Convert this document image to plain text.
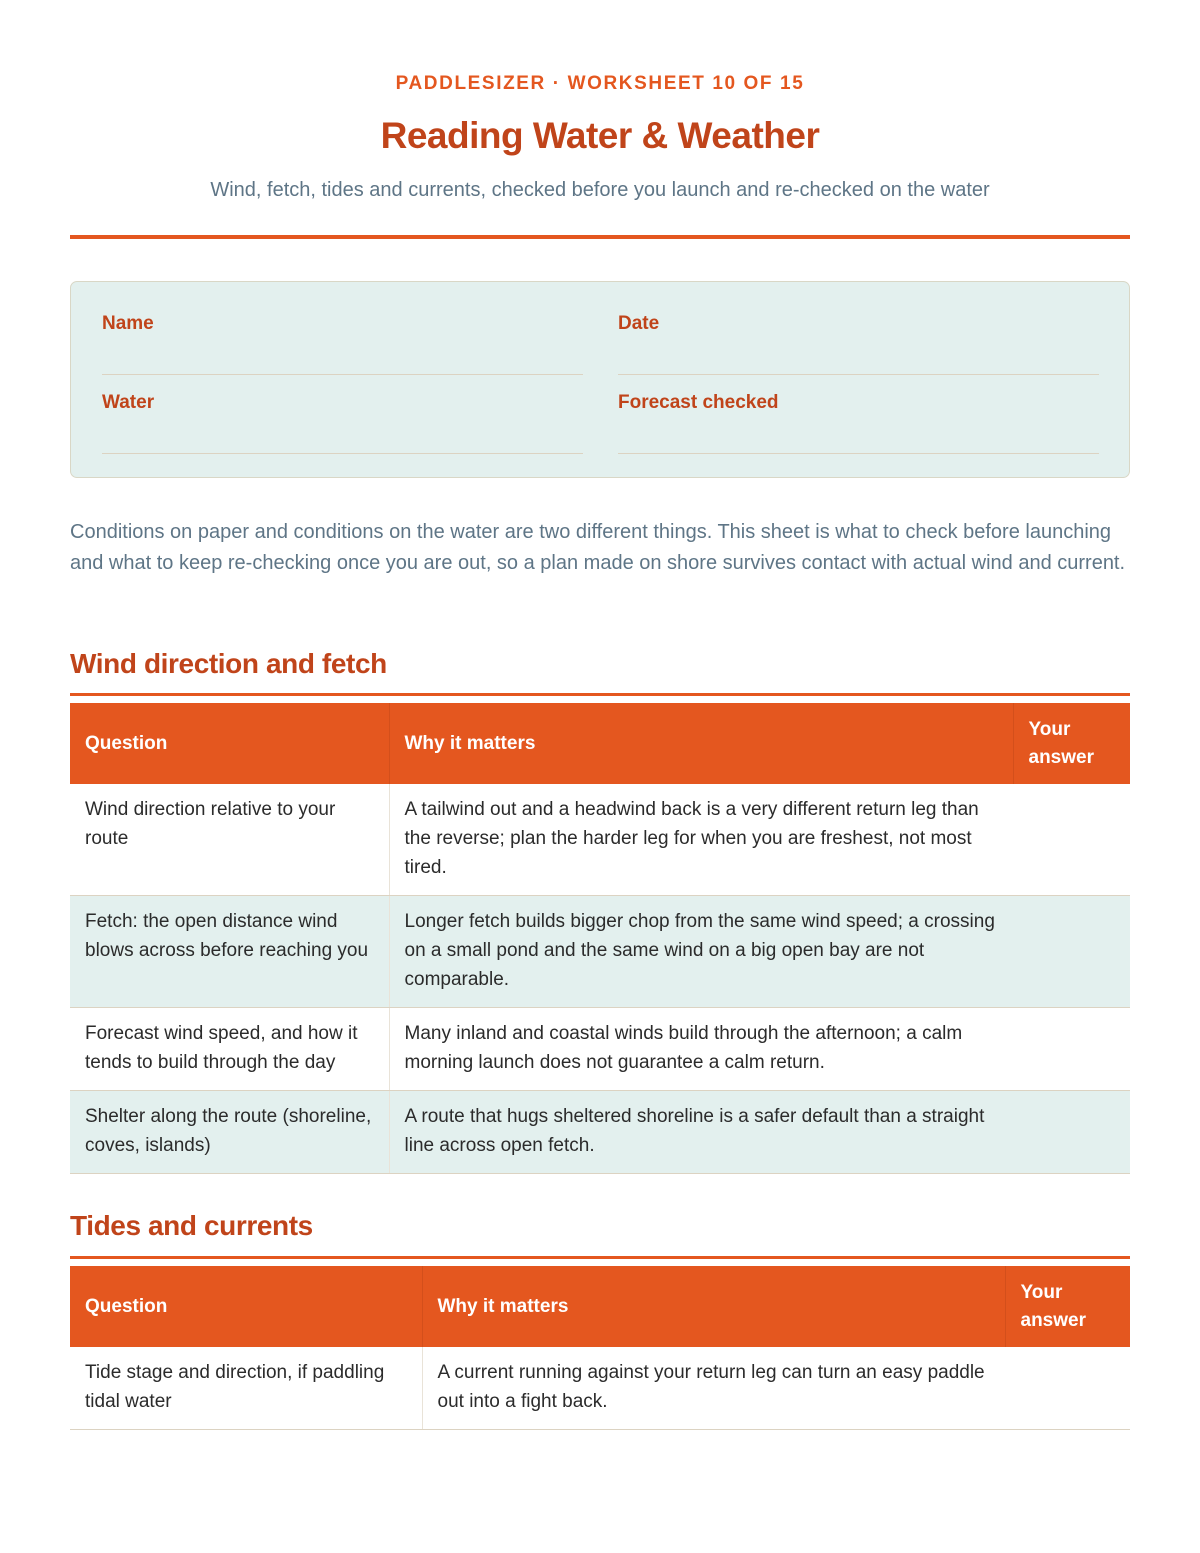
PADDLESIZER · WORKSHEET 10 OF 15
Reading Water & Weather
Wind, fetch, tides and currents, checked before you launch and re-checked on the water
Name	Date
Water	Forecast checked

Conditions on paper and conditions on the water are two different things. This sheet is what to check before launching and what to keep re-checking once you are out, so a plan made on shore survives contact with actual wind and current.

Wind direction and fetch
Question	Why it matters	Your answer
Wind direction relative to your route	A tailwind out and a headwind back is a very different return leg than the reverse; plan the harder leg for when you are freshest, not most tired.	
Fetch: the open distance wind blows across before reaching you	Longer fetch builds bigger chop from the same wind speed; a crossing on a small pond and the same wind on a big open bay are not comparable.	
Forecast wind speed, and how it tends to build through the day	Many inland and coastal winds build through the afternoon; a calm morning launch does not guarantee a calm return.	
Shelter along the route (shoreline, coves, islands)	A route that hugs sheltered shoreline is a safer default than a straight line across open fetch.	
Tides and currents
Question	Why it matters	Your answer
Tide stage and direction, if paddling tidal water	A current running against your return leg can turn an easy paddle out into a fight back.	
